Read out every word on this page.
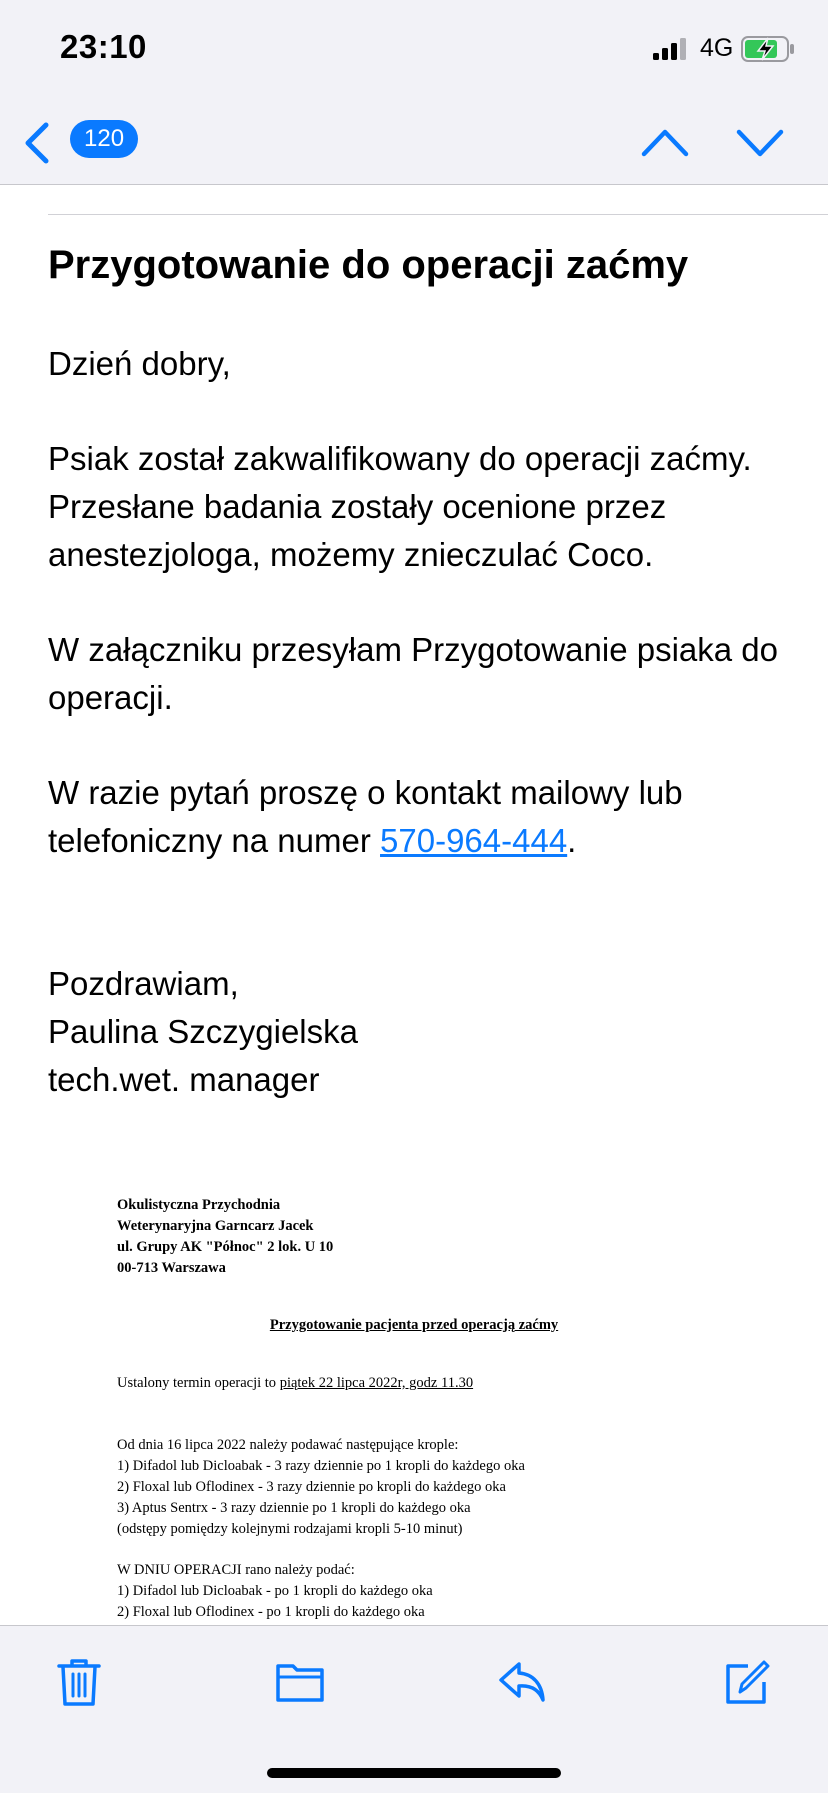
23:10	4G
120
Przygotowanie do operacji zaćmy

Dzień dobry,

Psiak został zakwalifikowany do operacji zaćmy. Przesłane badania zostały ocenione przez anestezjologa, możemy znieczulać Coco.

W załączniku przesyłam Przygotowanie psiaka do operacji.

W razie pytań proszę o kontakt mailowy lub telefoniczny na numer 570-964-444.

Pozdrawiam,
Paulina Szczygielska
tech.wet. manager

Okulistyczna Przychodnia
Weterynaryjna Garncarz Jacek
ul. Grupy AK "Północ" 2 lok. U 10
00-713 Warszawa
Przygotowanie pacjenta przed operacją zaćmy
Ustalony termin operacji to piątek 22 lipca 2022r, godz 11.30
Od dnia 16 lipca 2022 należy podawać następujące krople:
1) Difadol lub Dicloabak - 3 razy dziennie po 1 kropli do każdego oka
2) Floxal lub Oflodinex - 3 razy dziennie po kropli do każdego oka
3) Aptus Sentrx - 3 razy dziennie po 1 kropli do każdego oka
(odstępy pomiędzy kolejnymi rodzajami kropli 5-10 minut)
W DNIU OPERACJI rano należy podać:
1) Difadol lub Dicloabak - po 1 kropli do każdego oka
2) Floxal lub Oflodinex - po 1 kropli do każdego oka
